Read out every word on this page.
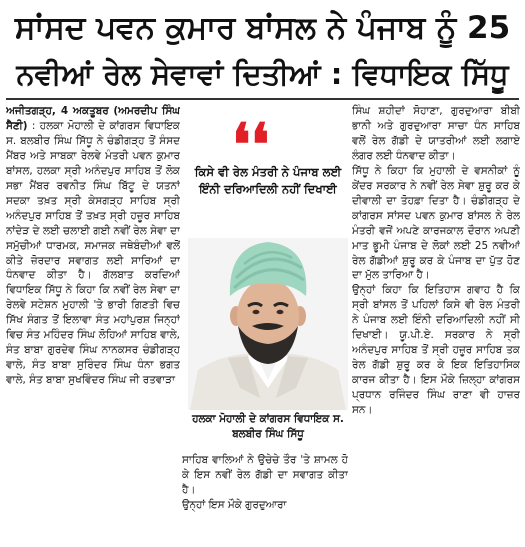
ਸਾਂਸਦ ਪਵਨ ਕੁਮਾਰ ਬਾਂਸਲ ਨੇ ਪੰਜਾਬ ਨੂੰ 25
ਨਵੀਆਂ ਰੇਲ ਸੇਵਾਵਾਂ ਦਿਤੀਆਂ : ਵਿਧਾਇਕ ਸਿੱਧੂ

ਅਜੀਤਗੜ੍ਹ, 4 ਅਕਤੂਬਰ (ਅਮਰਦੀਪ ਸਿੰਘ ਸੈਣੀ) : ਹਲਕਾ ਮੋਹਾਲੀ ਦੇ ਕਾਂਗਰਸ ਵਿਧਾਇਕ ਸ. ਬਲਬੀਰ ਸਿੰਘ ਸਿੱਧੂ ਨੇ ਚੰਡੀਗੜ੍ਹ ਤੋਂ ਸੰਸਦ ਮੈਂਬਰ ਅਤੇ ਸਾਬਕਾ ਰੇਲਵੇ ਮੰਤਰੀ ਪਵਨ ਕੁਮਾਰ ਬਾਂਸਲ, ਹਲਕਾ ਸ੍ਰੀ ਅਨੰਦਪੁਰ ਸਾਹਿਬ ਤੋਂ ਲੋਕ ਸਭਾ ਮੈਂਬਰ ਰਵਨੀਤ ਸਿੰਘ ਬਿੱਟੂ ਦੇ ਯਤਨਾਂ ਸਦਕਾ ਤਖ਼ਤ ਸ੍ਰੀ ਕੇਸਗੜ੍ਹ ਸਾਹਿਬ ਸ੍ਰੀ ਅਨੰਦਪੁਰ ਸਾਹਿਬ ਤੋਂ ਤਖ਼ਤ ਸ੍ਰੀ ਹਜ਼ੂਰ ਸਾਹਿਬ ਨਾਂਦੇੜ ਦੇ ਲਈ ਚਲਾਈ ਗਈ ਨਵੀਂ ਰੇਲ ਸੇਵਾ ਦਾ ਸਮੁੱਚੀਆਂ ਧਾਰਮਕ, ਸਮਾਜਕ ਜਥੇਬੰਦੀਆਂ ਵਲੋਂ ਕੀਤੇ ਜ਼ੋਰਦਾਰ ਸਵਾਗਤ ਲਈ ਸਾਰਿਆਂ ਦਾ ਧੰਨਵਾਦ ਕੀਤਾ ਹੈ। ਗੱਲਬਾਤ ਕਰਦਿਆਂ ਵਿਧਾਇਕ ਸਿੱਧੂ ਨੇ ਕਿਹਾ ਕਿ ਨਵੀਂ ਰੇਲ ਸੇਵਾ ਦਾ ਰੇਲਵੇ ਸਟੇਸ਼ਨ ਮੁਹਾਲੀ 'ਤੇ ਭਾਰੀ ਗਿਣਤੀ ਵਿਚ ਸਿੱਖ ਸੰਗਤ ਤੋਂ ਇਲਾਵਾ ਸੰਤ ਮਹਾਂਪੁਰਸ਼ ਜਿਨ੍ਹਾਂ ਵਿਚ ਸੰਤ ਮਹਿੰਦਰ ਸਿੰਘ ਲੋਹਿਆਂ ਸਾਹਿਬ ਵਾਲੇ, ਸੰਤ ਬਾਬਾ ਗੁਰਦੇਵ ਸਿੰਘ ਨਾਨਕਸਰ ਚੰਡੀਗੜ੍ਹ ਵਾਲੇ, ਸੰਤ ਬਾਬਾ ਸੁਰਿੰਦਰ ਸਿੰਘ ਧੰਨਾ ਭਗਤ ਵਾਲੇ, ਸੰਤ ਬਾਬਾ ਸੁਖਵਿੰਦਰ ਸਿੰਘ ਜੀ ਰਤਵਾੜਾ

❛❛
ਕਿਸੇ ਵੀ ਰੇਲ ਮੰਤਰੀ ਨੇ ਪੰਜਾਬ ਲਈ ਇੰਨੀ ਦਰਿਆਦਿਲੀ ਨਹੀਂ ਦਿਖਾਈ
ਹਲਕਾ ਮੋਹਾਲੀ ਦੇ ਕਾਂਗਰਸ ਵਿਧਾਇਕ ਸ. ਬਲਬੀਰ ਸਿੰਘ ਸਿੱਧੂ

ਸਾਹਿਬ ਵਾਲਿਆਂ ਨੇ ਉਚੇਚੇ ਤੌਰ 'ਤੇ ਸ਼ਾਮਲ ਹੋ ਕੇ ਇਸ ਨਵੀਂ ਰੇਲ ਗੱਡੀ ਦਾ ਸਵਾਗਤ ਕੀਤਾ ਹੈ।

ਉਨ੍ਹਾਂ ਇਸ ਮੌਕੇ ਗੁਰਦੁਆਰਾ

ਸਿੰਘ ਸ਼ਹੀਦਾਂ ਸੋਹਾਣਾ, ਗੁਰਦੁਆਰਾ ਬੀਬੀ ਭਾਨੀ ਅਤੇ ਗੁਰਦੁਆਰਾ ਸਾਚਾ ਧੰਨ ਸਾਹਿਬ ਵਲੋਂ ਰੇਲ ਗੱਡੀ ਦੇ ਯਾਤਰੀਆਂ ਲਈ ਲਗਾਏ ਲੰਗਰ ਲਈ ਧੰਨਵਾਦ ਕੀਤਾ।

ਸਿੱਧੂ ਨੇ ਕਿਹਾ ਕਿ ਮੁਹਾਲੀ ਦੇ ਵਸਨੀਕਾਂ ਨੂੰ ਕੇਂਦਰ ਸਰਕਾਰ ਨੇ ਨਵੀਂ ਰੇਲ ਸੇਵਾ ਸ਼ੁਰੂ ਕਰ ਕੇ ਦੀਵਾਲੀ ਦਾ ਤੋਹਫ਼ਾ ਦਿਤਾ ਹੈ। ਚੰਡੀਗੜ੍ਹ ਦੇ ਕਾਂਗਰਸ ਸਾਂਸਦ ਪਵਨ ਕੁਮਾਰ ਬਾਂਸਲ ਨੇ ਰੇਲ ਮੰਤਰੀ ਵਜੋਂ ਅਪਣੇ ਕਾਰਜਕਾਲ ਦੌਰਾਨ ਅਪਣੀ ਮਾਤ ਭੂਮੀ ਪੰਜਾਬ ਦੇ ਲੋਕਾਂ ਲਈ 25 ਨਵੀਆਂ ਰੇਲ ਗੱਡੀਆਂ ਸ਼ੁਰੂ ਕਰ ਕੇ ਪੰਜਾਬ ਦਾ ਪੁੱਤ ਹੋਣ ਦਾ ਮੁੱਲ ਤਾਰਿਆ ਹੈ।

ਉਨ੍ਹਾਂ ਕਿਹਾ ਕਿ ਇਤਿਹਾਸ ਗਵਾਹ ਹੈ ਕਿ ਸ੍ਰੀ ਬਾਂਸਲ ਤੋਂ ਪਹਿਲਾਂ ਕਿਸੇ ਵੀ ਰੇਲ ਮੰਤਰੀ ਨੇ ਪੰਜਾਬ ਲਈ ਇੰਨੀ ਦਰਿਆਦਿਲੀ ਨਹੀਂ ਸੀ ਦਿਖਾਈ। ਯੂ.ਪੀ.ਏ. ਸਰਕਾਰ ਨੇ ਸ੍ਰੀ ਅਨੰਦਪੁਰ ਸਾਹਿਬ ਤੋਂ ਸ੍ਰੀ ਹਜ਼ੂਰ ਸਾਹਿਬ ਤਕ ਰੇਲ ਗੱਡੀ ਸ਼ੁਰੂ ਕਰ ਕੇ ਇਕ ਇਤਿਹਾਸਿਕ ਕਾਰਜ ਕੀਤਾ ਹੈ। ਇਸ ਮੌਕੇ ਜ਼ਿਲ੍ਹਾ ਕਾਂਗਰਸ ਪ੍ਰਧਾਨ ਰਜਿੰਦਰ ਸਿੰਘ ਰਾਣਾ ਵੀ ਹਾਜ਼ਰ ਸਨ।
